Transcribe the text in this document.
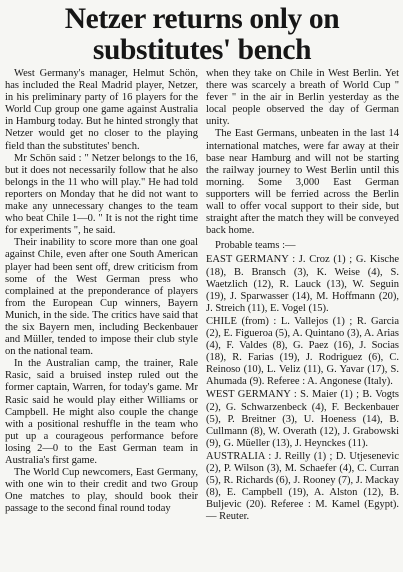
Netzer returns only on
substitutes' bench

West Germany's manager, Helmut Schön, has included the Real Madrid player, Netzer, in his preliminary party of 16 players for the World Cup group one game against Australia in Hamburg today. But he hinted strongly that Netzer would get no closer to the playing field than the substitutes' bench.

Mr Schön said : " Netzer belongs to the 16, but it does not necessarily follow that he also belongs in the 11 who will play." He had told reporters on Monday that he did not want to make any unnecessary changes to the team who beat Chile 1—0. " It is not the right time for experiments ", he said.

Their inability to score more than one goal against Chile, even after one South American player had been sent off, drew criticism from some of the West German press who complained at the preponderance of players from the European Cup winners, Bayern Munich, in the side. The critics have said that the six Bayern men, including Beckenbauer and Müller, tended to impose their club style on the national team.

In the Australian camp, the trainer, Rale Rasic, said a bruised instep ruled out the former captain, Warren, for today's game. Mr Rasic said he would play either Williams or Campbell. He might also couple the change with a positional reshuffle in the team who put up a courageous performance before losing 2—0 to the East German team in Australia's first game.

The World Cup newcomers, East Germany, with one win to their credit and two Group One matches to play, should book their passage to the second final round today

when they take on Chile in West Berlin. Yet there was scarcely a breath of World Cup " fever " in the air in Berlin yesterday as the local people observed the day of German unity.

The East Germans, unbeaten in the last 14 international matches, were far away at their base near Hamburg and will not be starting the railway journey to West Berlin until this morning. Some 3,000 East German supporters will be ferried across the Berlin wall to offer vocal support to their side, but straight after the match they will be conveyed back home.

Probable teams :—

EAST GERMANY : J. Croz (1) ; G. Kische (18), B. Bransch (3), K. Weise (4), S. Waetzlich (12), R. Lauck (13), W. Seguin (19), J. Sparwasser (14), M. Hoffmann (20), J. Streich (11), E. Vogel (15).

CHILE (from) : L. Vallejos (1) ; R. Garcia (2), E. Figueroa (5), A. Quintano (3), A. Arias (4), F. Valdes (8), G. Paez (16), J. Socias (18), R. Farias (19), J. Rodriguez (6), C. Reinoso (10), L. Veliz (11), G. Yavar (17), S. Ahumada (9). Referee : A. Angonese (Italy).

WEST GERMANY : S. Maier (1) ; B. Vogts (2), G. Schwarzenbeck (4), F. Beckenbauer (5), P. Breitner (3), U. Hoeness (14), B. Cullmann (8), W. Overath (12), J. Grabowski (9), G. Müeller (13), J. Heynckes (11).

AUSTRALIA : J. Reilly (1) ; D. Utjesenevic (2), P. Wilson (3), M. Schaefer (4), C. Curran (5), R. Richards (6), J. Rooney (7), J. Mackay (8), E. Campbell (19), A. Alston (12), B. Buljevic (20). Referee : M. Kamel (Egypt). — Reuter.
